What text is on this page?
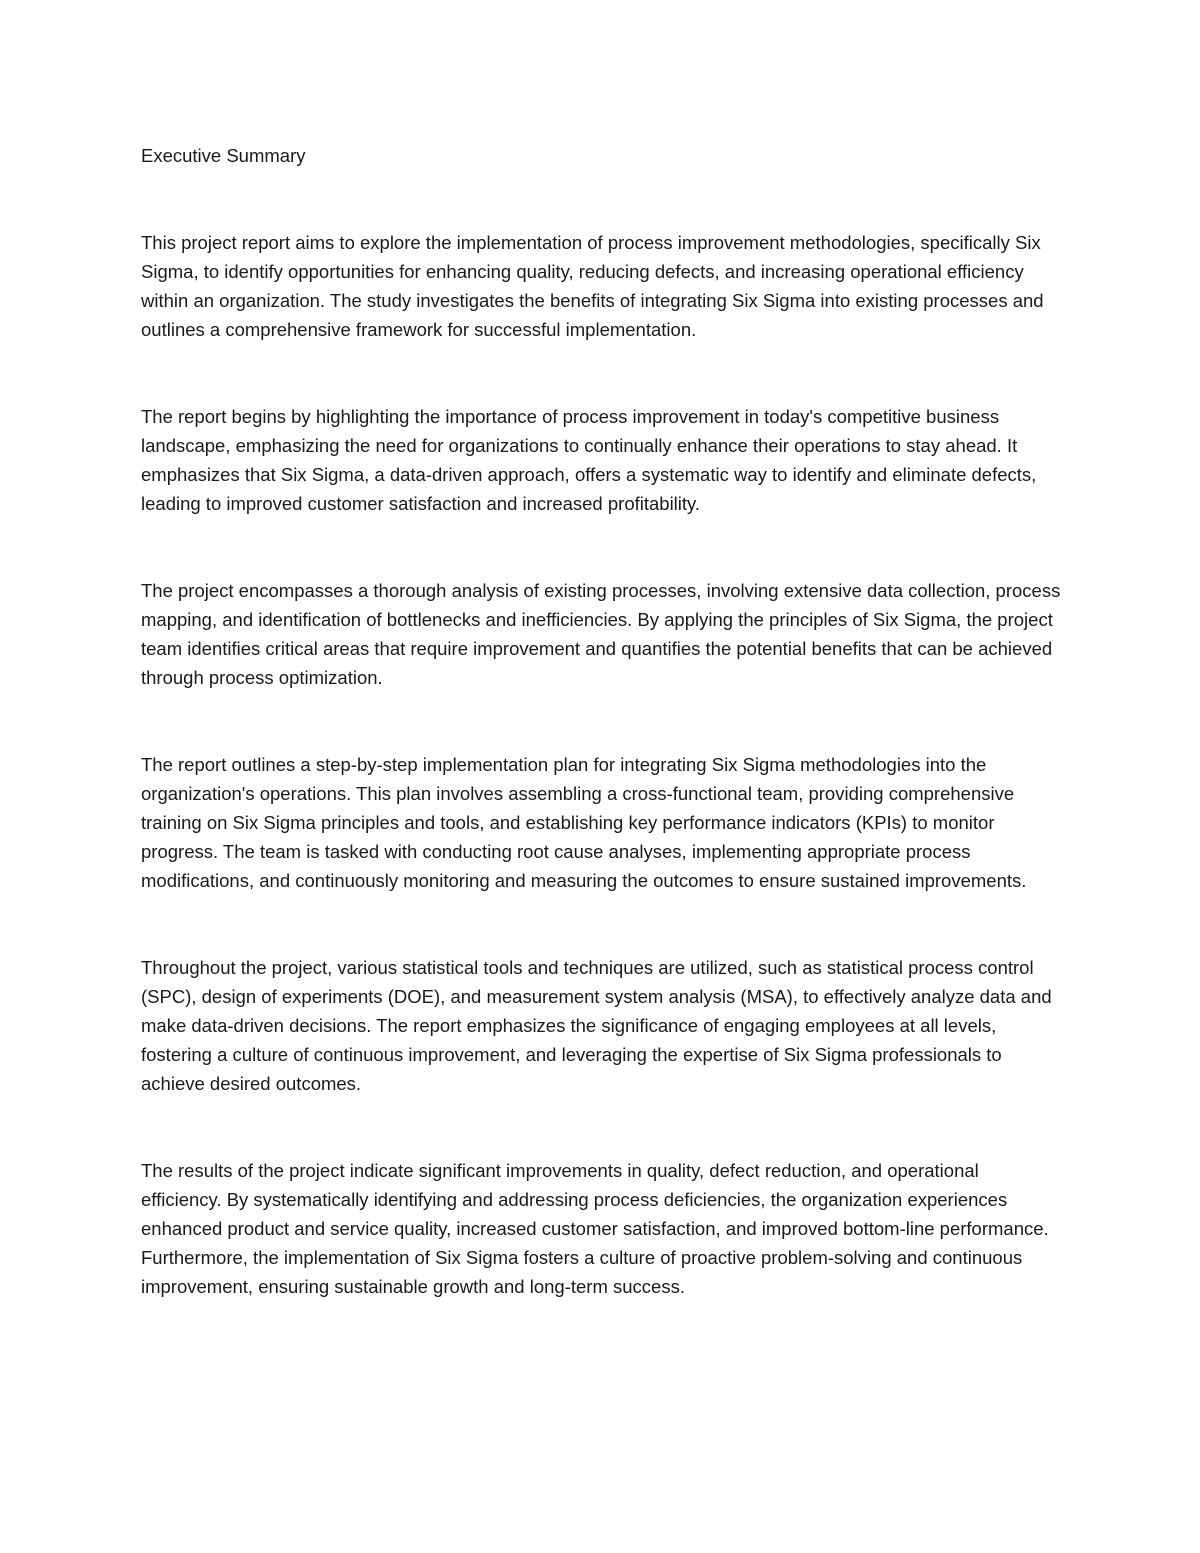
Executive Summary

This project report aims to explore the implementation of process improvement methodologies, specifically Six Sigma, to identify opportunities for enhancing quality, reducing defects, and increasing operational efficiency within an organization. The study investigates the benefits of integrating Six Sigma into existing processes and outlines a comprehensive framework for successful implementation.

The report begins by highlighting the importance of process improvement in today's competitive business landscape, emphasizing the need for organizations to continually enhance their operations to stay ahead. It emphasizes that Six Sigma, a data-driven approach, offers a systematic way to identify and eliminate defects, leading to improved customer satisfaction and increased profitability.

The project encompasses a thorough analysis of existing processes, involving extensive data collection, process mapping, and identification of bottlenecks and inefficiencies. By applying the principles of Six Sigma, the project team identifies critical areas that require improvement and quantifies the potential benefits that can be achieved through process optimization.

The report outlines a step-by-step implementation plan for integrating Six Sigma methodologies into the organization's operations. This plan involves assembling a cross-functional team, providing comprehensive training on Six Sigma principles and tools, and establishing key performance indicators (KPIs) to monitor progress. The team is tasked with conducting root cause analyses, implementing appropriate process modifications, and continuously monitoring and measuring the outcomes to ensure sustained improvements.

Throughout the project, various statistical tools and techniques are utilized, such as statistical process control (SPC), design of experiments (DOE), and measurement system analysis (MSA), to effectively analyze data and make data-driven decisions. The report emphasizes the significance of engaging employees at all levels, fostering a culture of continuous improvement, and leveraging the expertise of Six Sigma professionals to achieve desired outcomes.

The results of the project indicate significant improvements in quality, defect reduction, and operational efficiency. By systematically identifying and addressing process deficiencies, the organization experiences enhanced product and service quality, increased customer satisfaction, and improved bottom-line performance. Furthermore, the implementation of Six Sigma fosters a culture of proactive problem-solving and continuous improvement, ensuring sustainable growth and long-term success.
